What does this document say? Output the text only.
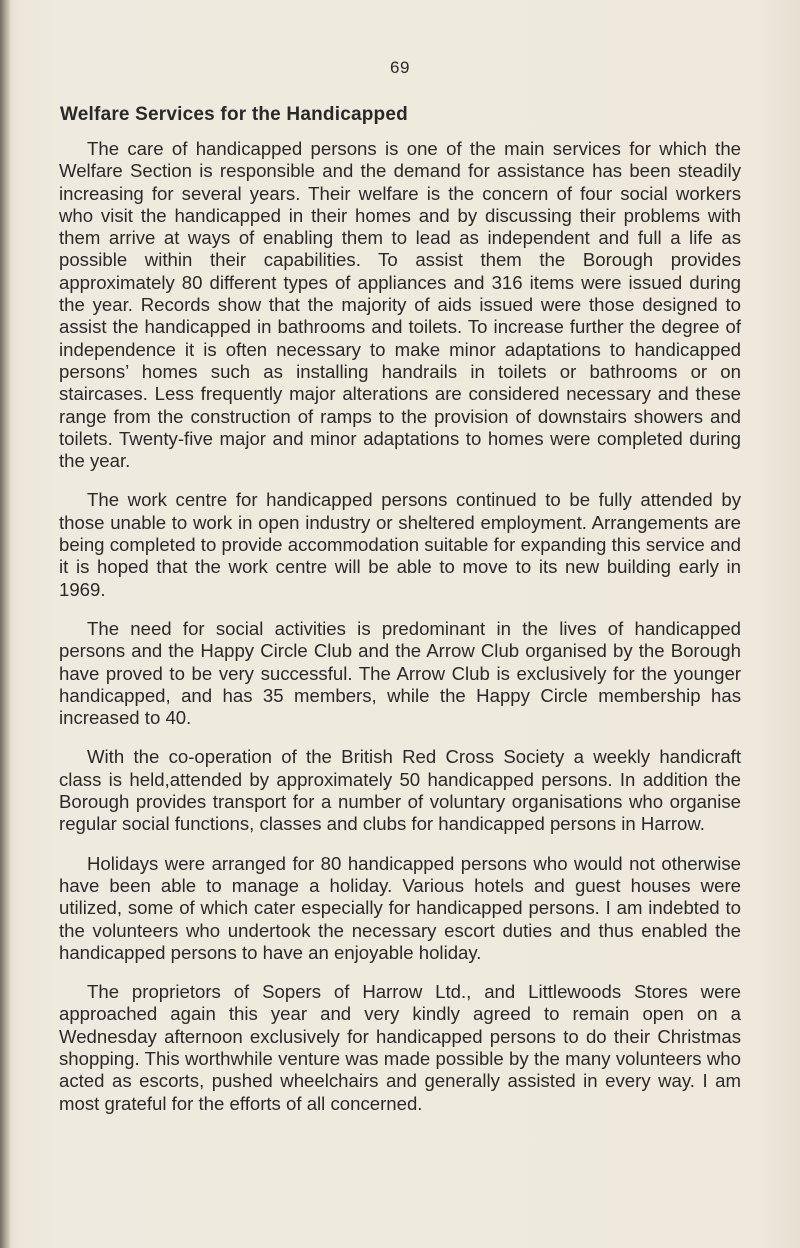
69
Welfare Services for the Handicapped

The care of handicapped persons is one of the main services for which the Welfare Section is responsible and the demand for assistance has been steadily increasing for several years. Their welfare is the concern of four social workers who visit the handicapped in their homes and by discussing their problems with them arrive at ways of enabling them to lead as independent and full a life as possible within their capabilities. To assist them the Borough provides approximately 80 different types of appliances and 316 items were issued during the year. Records show that the majority of aids issued were those designed to assist the handicapped in bathrooms and toilets. To increase further the degree of independence it is often necessary to make minor adaptations to handicapped persons’ homes such as installing handrails in toilets or bathrooms or on staircases. Less frequently major alterations are considered necessary and these range from the construction of ramps to the provision of downstairs showers and toilets. Twenty-five major and minor adaptations to homes were completed during the year.

The work centre for handicapped persons continued to be fully attended by those unable to work in open industry or sheltered employment. Arrangements are being completed to provide accommodation suitable for expanding this service and it is hoped that the work centre will be able to move to its new building early in 1969.

The need for social activities is predominant in the lives of handicapped persons and the Happy Circle Club and the Arrow Club organised by the Borough have proved to be very successful. The Arrow Club is exclusively for the younger handicapped, and has 35 members, while the Happy Circle membership has increased to 40.

With the co-operation of the British Red Cross Society a weekly handicraft class is held,attended by approximately 50 handicapped persons. In addition the Borough provides transport for a number of voluntary organisations who organise regular social functions, classes and clubs for handicapped persons in Harrow.

Holidays were arranged for 80 handicapped persons who would not otherwise have been able to manage a holiday. Various hotels and guest houses were utilized, some of which cater especially for handicapped persons. I am indebted to the volunteers who undertook the necessary escort duties and thus enabled the handicapped persons to have an enjoyable holiday.

The proprietors of Sopers of Harrow Ltd., and Littlewoods Stores were approached again this year and very kindly agreed to remain open on a Wednesday afternoon exclusively for handicapped persons to do their Christmas shopping. This worthwhile venture was made possible by the many volunteers who acted as escorts, pushed wheelchairs and generally assisted in every way. I am most grateful for the efforts of all concerned.
